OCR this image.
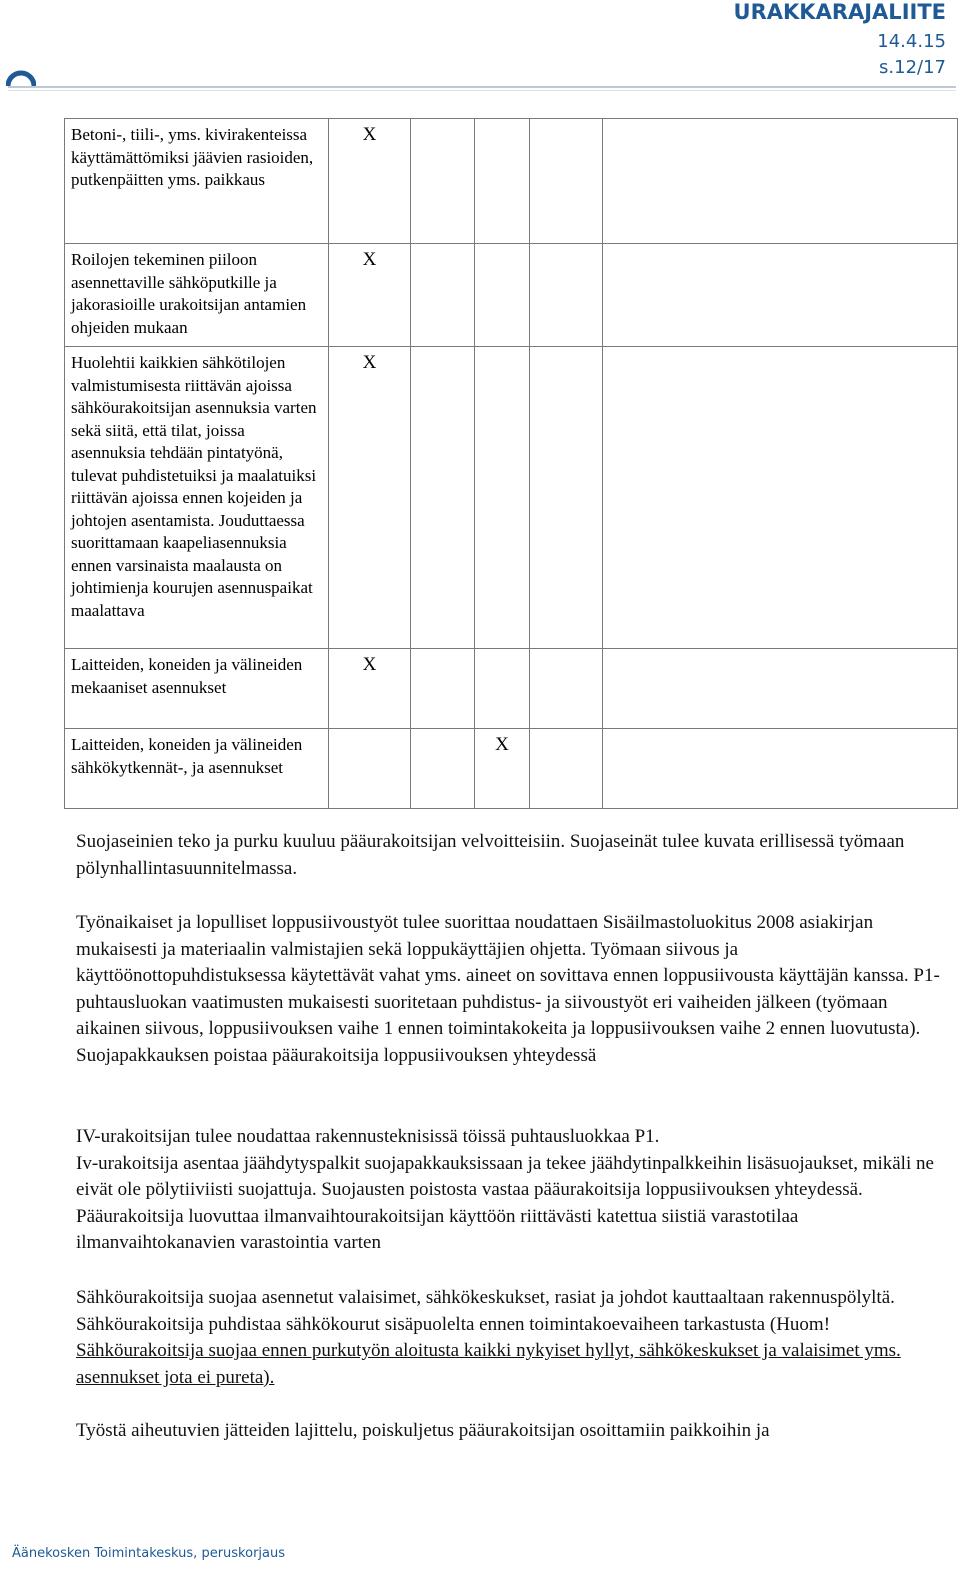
URAKKARAJALIITE
14.4.15
s.12/17
Betoni-, tiili-, yms. kivirakenteissa käyttämättömiksi jäävien rasioiden, putkenpäitten yms. paikkaus	X				
Roilojen tekeminen piiloon asennettaville sähköputkille ja jakorasioille urakoitsijan antamien ohjeiden mukaan	X				
Huolehtii kaikkien sähkötilojen valmistumisesta riittävän ajoissa sähköurakoitsijan asennuksia varten sekä siitä, että tilat, joissa asennuksia tehdään pintatyönä, tulevat puhdistetuiksi ja maalatuiksi riittävän ajoissa ennen kojeiden ja johtojen asentamista. Jouduttaessa suorittamaan kaapeliasennuksia ennen varsinaista maalausta on johtimienja kourujen asennuspaikat maalattava	X				
Laitteiden, koneiden ja välineiden mekaaniset asennukset	X				
Laitteiden, koneiden ja välineiden sähkökytkennät-, ja asennukset			X		

Suojaseinien teko ja purku kuuluu pääurakoitsijan velvoitteisiin. Suojaseinät tulee kuvata erillisessä työmaan pölynhallintasuunnitelmassa.

Työnaikaiset ja lopulliset loppusiivoustyöt tulee suorittaa noudattaen Sisäilmastoluokitus 2008 asiakirjan mukaisesti ja materiaalin valmistajien sekä loppukäyttäjien ohjetta. Työmaan siivous ja käyttöönottopuhdistuksessa käytettävät vahat yms. aineet on sovittava ennen loppusiivousta käyttäjän kanssa. P1-puhtausluokan vaatimusten mukaisesti suoritetaan puhdistus- ja siivoustyöt eri vaiheiden jälkeen (työmaan aikainen siivous, loppusiivouksen vaihe 1 ennen toimintakokeita ja loppusiivouksen vaihe 2 ennen luovutusta).

Suojapakkauksen poistaa pääurakoitsija loppusiivouksen yhteydessä

IV-urakoitsijan tulee noudattaa rakennusteknisissä töissä puhtausluokkaa P1.

Iv-urakoitsija asentaa jäähdytyspalkit suojapakkauksissaan ja tekee jäähdytinpalkkeihin lisäsuojaukset, mikäli ne eivät ole pölytiiviisti suojattuja. Suojausten poistosta vastaa pääurakoitsija loppusiivouksen yhteydessä. Pääurakoitsija luovuttaa ilmanvaihtourakoitsijan käyttöön riittävästi katettua siistiä varastotilaa ilmanvaihtokanavien varastointia varten

Sähköurakoitsija suojaa asennetut valaisimet, sähkökeskukset, rasiat ja johdot kauttaaltaan rakennuspölyltä. Sähköurakoitsija puhdistaa sähkökourut sisäpuolelta ennen toimintakoevaiheen tarkastusta (Huom! Sähköurakoitsija suojaa ennen purkutyön aloitusta kaikki nykyiset hyllyt, sähkökeskukset ja valaisimet yms. asennukset jota ei pureta).

Työstä aiheutuvien jätteiden lajittelu, poiskuljetus pääurakoitsijan osoittamiin paikkoihin ja

Äänekosken Toimintakeskus, peruskorjaus
